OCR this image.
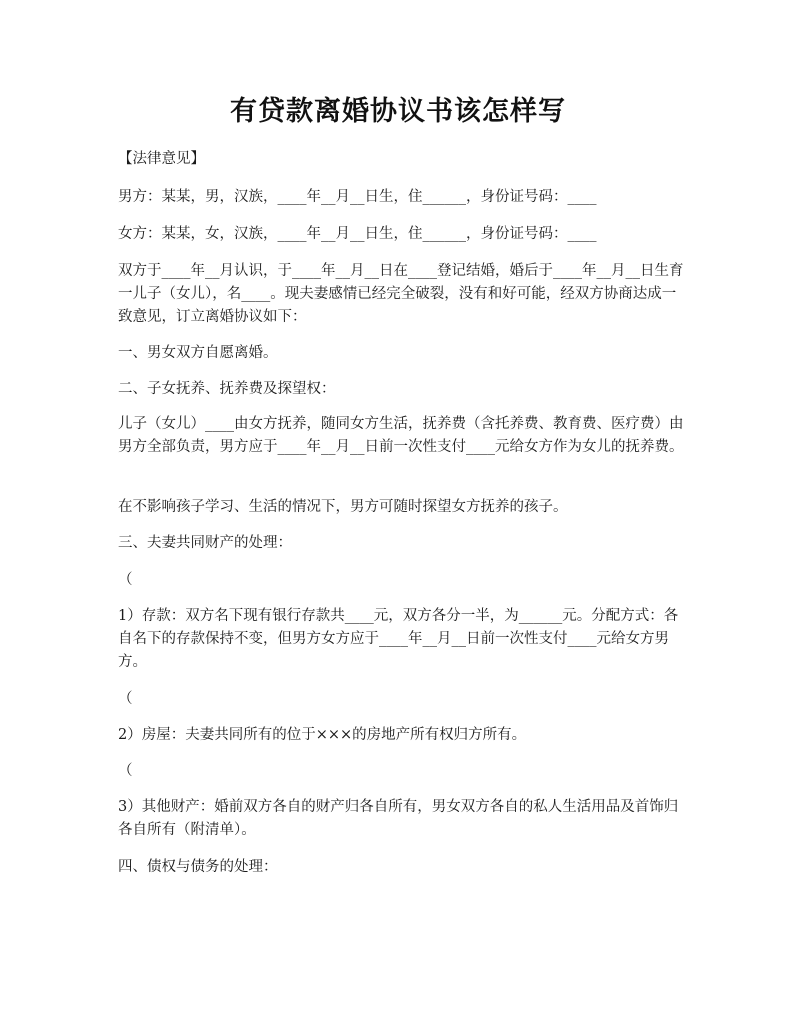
有贷款离婚协议书该怎样写
【法律意见】
男方：某某，男，汉族，____年__月__日生，住______，身份证号码：____
女方：某某，女，汉族，____年__月__日生，住______，身份证号码：____
双方于____年__月认识，于____年__月__日在____登记结婚，婚后于____年__月__日生育一儿子（女儿），名____。现夫妻感情已经完全破裂，没有和好可能，经双方协商达成一致意见，订立离婚协议如下：
一、男女双方自愿离婚。
二、子女抚养、抚养费及探望权：
儿子（女儿）____由女方抚养，随同女方生活，抚养费（含托养费、教育费、医疗费）由男方全部负责，男方应于____年__月__日前一次性支付____元给女方作为女儿的抚养费。
在不影响孩子学习、生活的情况下，男方可随时探望女方抚养的孩子。
三、夫妻共同财产的处理：
（
1）存款：双方名下现有银行存款共____元，双方各分一半，为______元。分配方式：各自名下的存款保持不变，但男方女方应于____年__月__日前一次性支付____元给女方男方。
（
2）房屋：夫妻共同所有的位于×××的房地产所有权归方所有。
（
3）其他财产：婚前双方各自的财产归各自所有，男女双方各自的私人生活用品及首饰归各自所有（附清单）。
四、债权与债务的处理：
